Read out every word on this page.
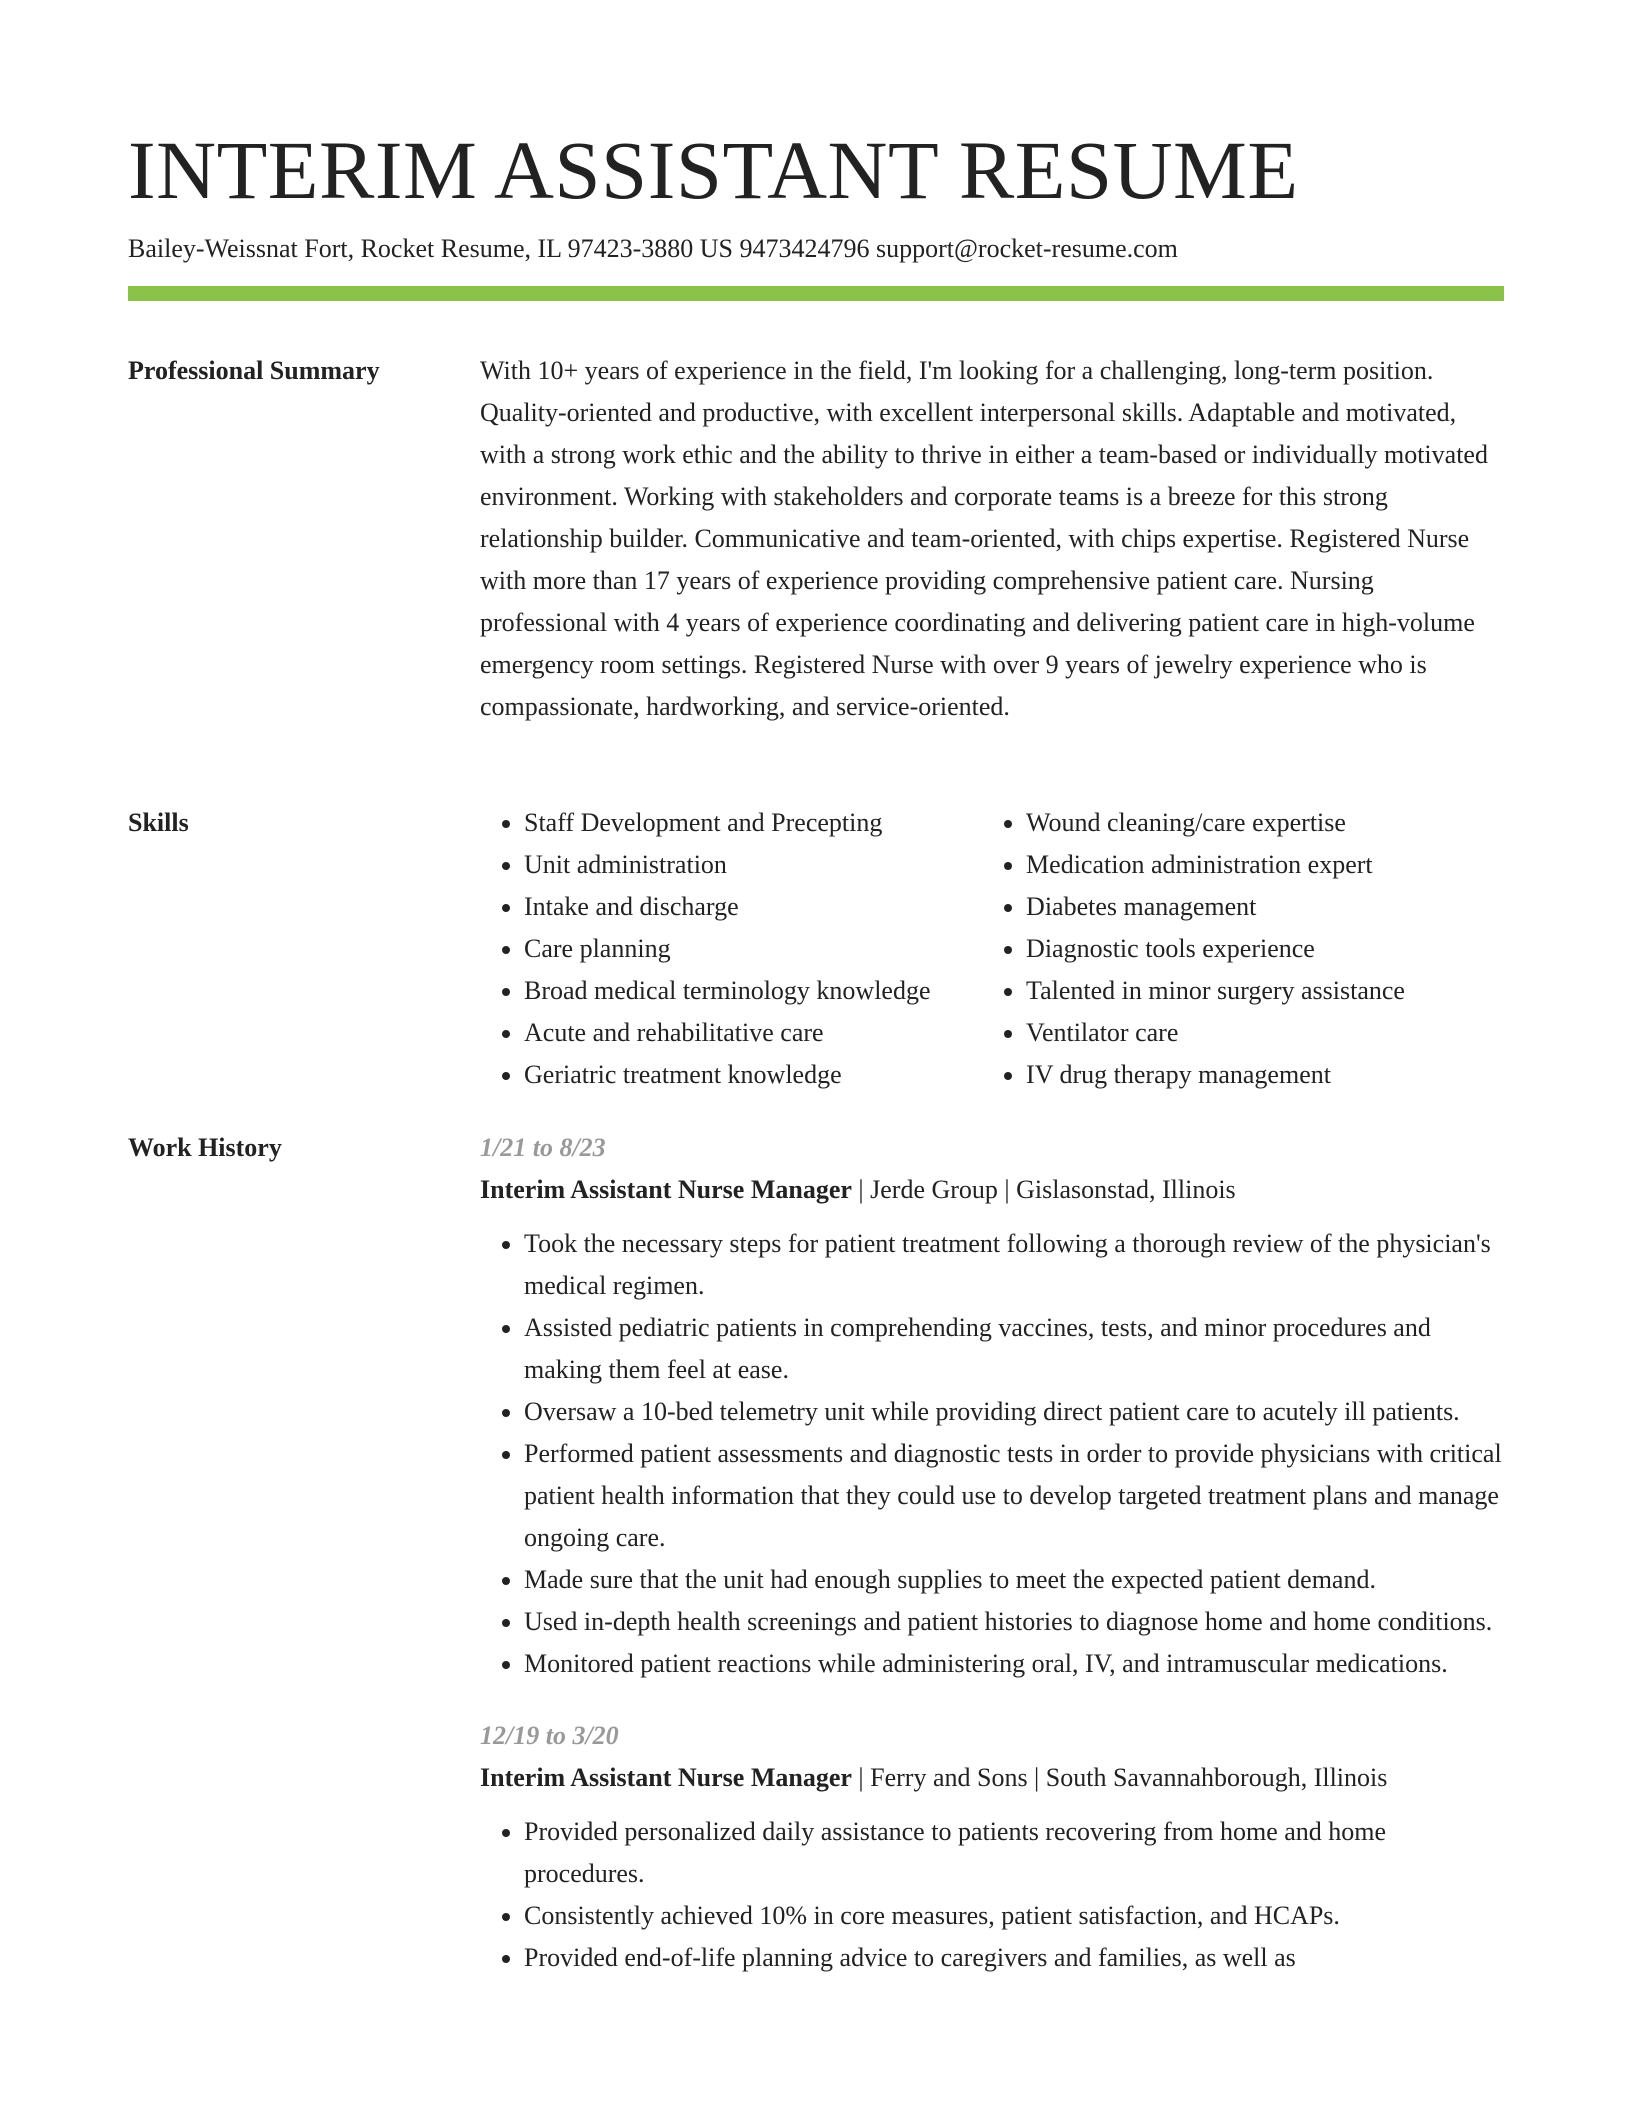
INTERIM ASSISTANT RESUME
Bailey-Weissnat Fort, Rocket Resume, IL 97423-3880 US 9473424796 support@rocket-resume.com
Professional Summary	With 10+ years of experience in the field, I'm looking for a challenging, long-term position. Quality-oriented and productive, with excellent interpersonal skills. Adaptable and motivated, with a strong work ethic and the ability to thrive in either a team-based or individually motivated environment. Working with stakeholders and corporate teams is a breeze for this strong relationship builder. Communicative and team-oriented, with chips expertise. Registered Nurse with more than 17 years of experience providing comprehensive patient care. Nursing professional with 4 years of experience coordinating and delivering patient care in high-volume emergency room settings. Registered Nurse with over 9 years of jewelry experience who is compassionate, hardworking, and service-oriented.

Skills
•	Staff Development and Precepting
• Unit administration
• Intake and discharge
• Care planning
• Broad medical terminology knowledge
• Acute and rehabilitative care
• Geriatric treatment knowledge
• Wound cleaning/care expertise
• Medication administration expert
• Diabetes management
• Diagnostic tools experience
• Talented in minor surgery assistance
• Ventilator care
• IV drug therapy management
Work History	1/21 to 8/23
Interim Assistant Nurse Manager | Jerde Group | Gislasonstad, Illinois
• Took the necessary steps for patient treatment following a thorough review of the physician's medical regimen.
• Assisted pediatric patients in comprehending vaccines, tests, and minor procedures and making them feel at ease.
• Oversaw a 10-bed telemetry unit while providing direct patient care to acutely ill patients.
• Performed patient assessments and diagnostic tests in order to provide physicians with critical patient health information that they could use to develop targeted treatment plans and manage ongoing care.
• Made sure that the unit had enough supplies to meet the expected patient demand.
• Used in-depth health screenings and patient histories to diagnose home and home conditions.
• Monitored patient reactions while administering oral, IV, and intramuscular medications.
12/19 to 3/20
Interim Assistant Nurse Manager | Ferry and Sons | South Savannahborough, Illinois
• Provided personalized daily assistance to patients recovering from home and home procedures.
• Consistently achieved 10% in core measures, patient satisfaction, and HCAPs.
• Provided end-of-life planning advice to caregivers and families, as well as
